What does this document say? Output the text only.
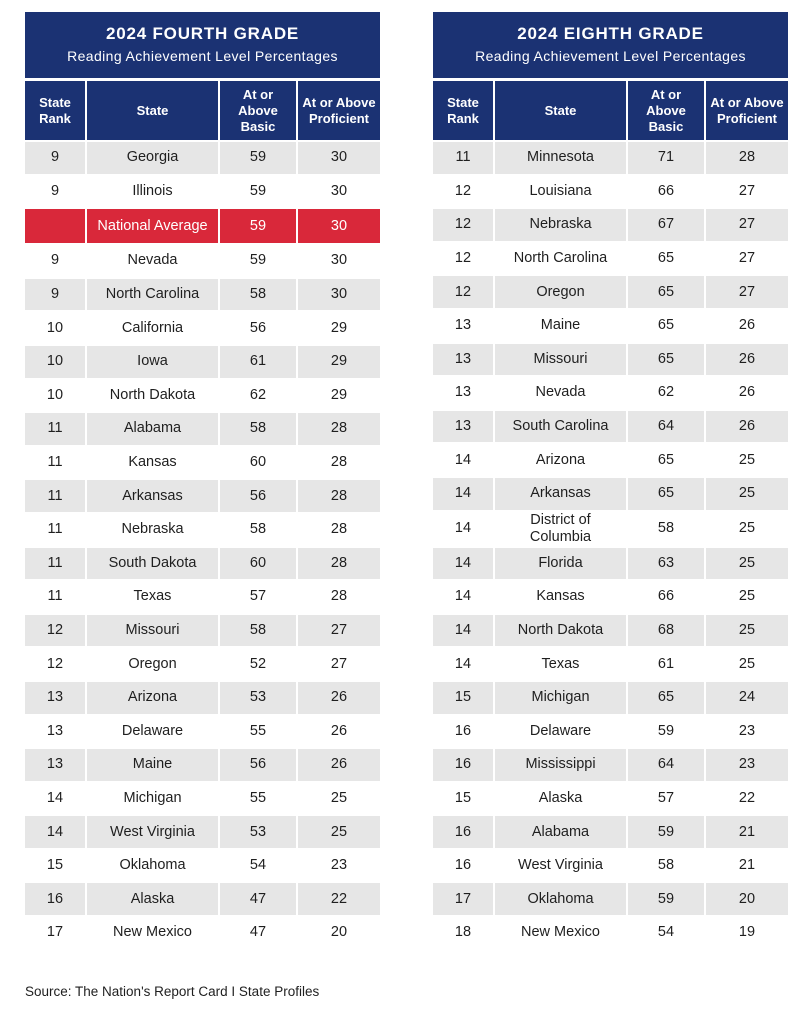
2024 FOURTH GRADE
Reading Achievement Level Percentages
State Rank	State	At or Above Basic	At or Above Proficient
9	Georgia	59	30
9	Illinois	59	30
	National Average	59	30
9	Nevada	59	30
9	North Carolina	58	30
10	California	56	29
10	Iowa	61	29
10	North Dakota	62	29
11	Alabama	58	28
11	Kansas	60	28
11	Arkansas	56	28
11	Nebraska	58	28
11	South Dakota	60	28
11	Texas	57	28
12	Missouri	58	27
12	Oregon	52	27
13	Arizona	53	26
13	Delaware	55	26
13	Maine	56	26
14	Michigan	55	25
14	West Virginia	53	25
15	Oklahoma	54	23
16	Alaska	47	22
17	New Mexico	47	20
2024 EIGHTH GRADE
Reading Achievement Level Percentages
State Rank	State	At or Above Basic	At or Above Proficient
11	Minnesota	71	28
12	Louisiana	66	27
12	Nebraska	67	27
12	North Carolina	65	27
12	Oregon	65	27
13	Maine	65	26
13	Missouri	65	26
13	Nevada	62	26
13	South Carolina	64	26
14	Arizona	65	25
14	Arkansas	65	25
14	District of Columbia	58	25
14	Florida	63	25
14	Kansas	66	25
14	North Dakota	68	25
14	Texas	61	25
15	Michigan	65	24
16	Delaware	59	23
16	Mississippi	64	23
15	Alaska	57	22
16	Alabama	59	21
16	West Virginia	58	21
17	Oklahoma	59	20
18	New Mexico	54	19
Source: The Nation's Report Card I State Profiles
